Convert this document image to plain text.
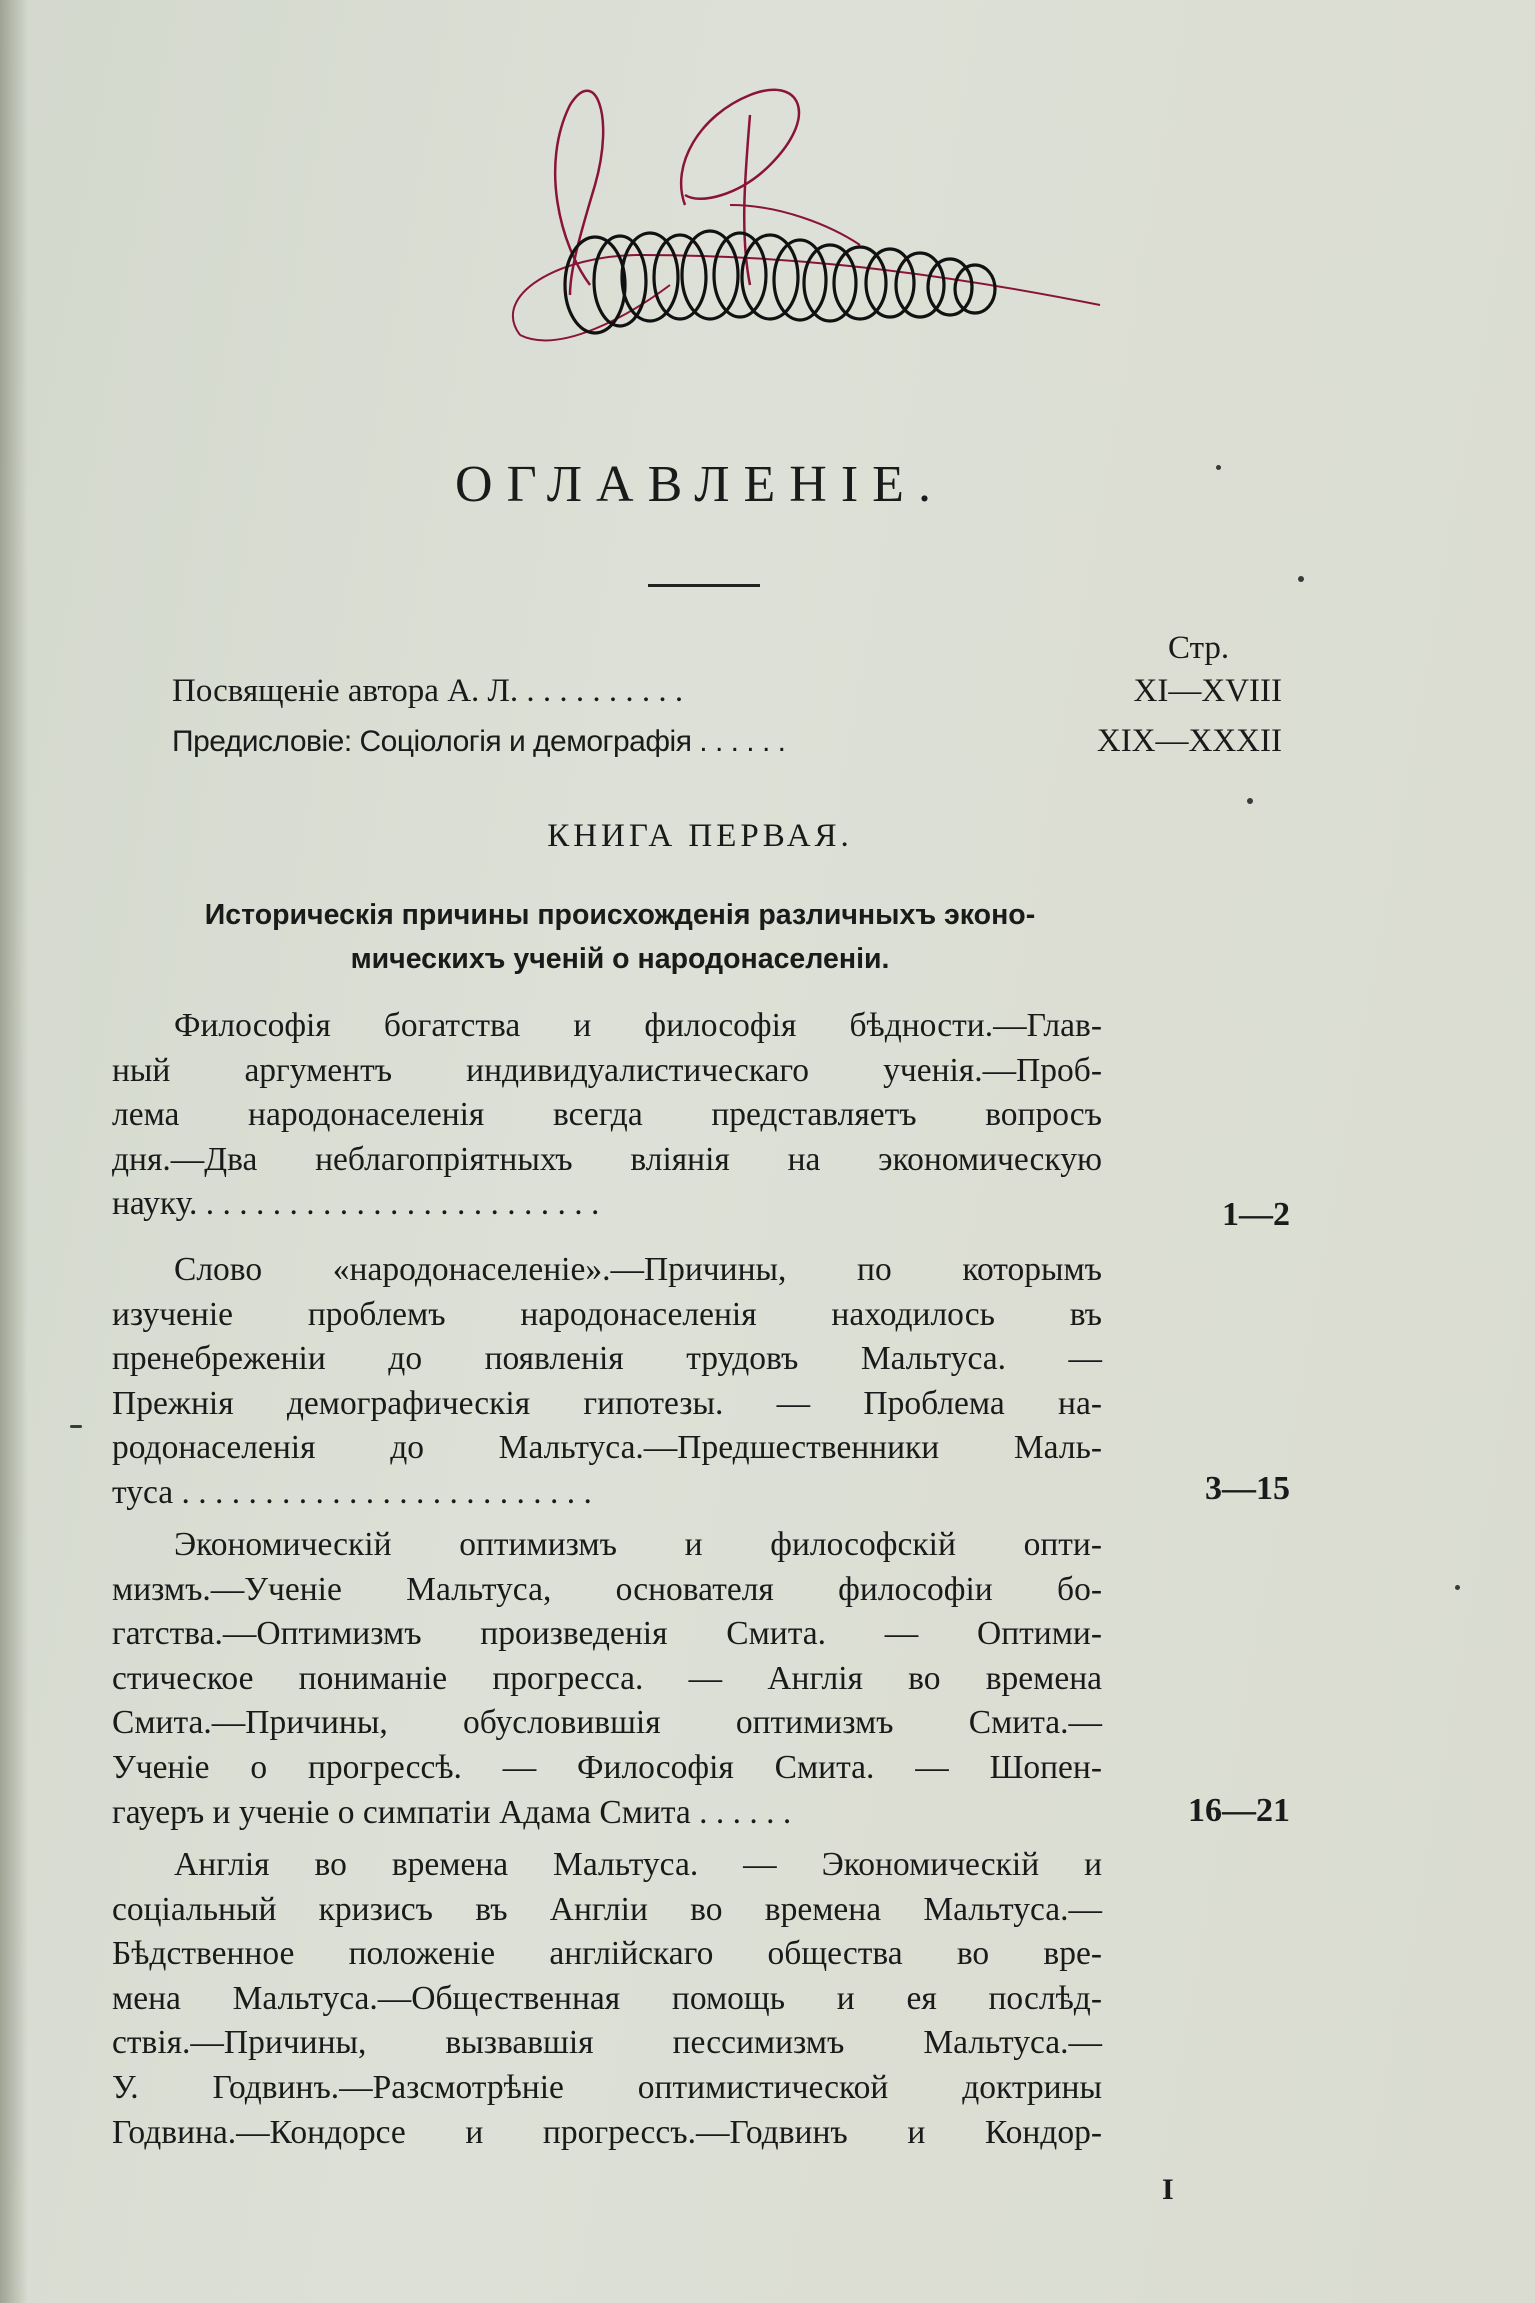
ОГЛАВЛЕНІЕ.
Стр.
Посвященіе автора А. Л. . . . . . . . . . .	XI—XVIII
Предисловіе: Соціологія и демографія . . . . . .	XIX—XXXII
КНИГА ПЕРВАЯ.
Историческія причины происхожденія различныхъ эконо-
мическихъ ученій о народонаселеніи.
Философія богатства и философія бѣдности.—Глав-
ный аргументъ индивидуалистическаго ученія.—Проб-
лема народонаселенія всегда представляетъ вопросъ
дня.—Два неблагопріятныхъ вліянія на экономическую
науку. . . . . . . . . . . . . . . . . . . . . . . . .	1—2
Слово «народонаселеніе».—Причины, по которымъ
изученіе проблемъ народонаселенія находилось въ
пренебреженіи до появленія трудовъ Мальтуса. —
Прежнія демографическія гипотезы. — Проблема на-
родонаселенія до Мальтуса.—Предшественники Маль-
туса . . . . . . . . . . . . . . . . . . . . . . . . .	3—15
Экономическій оптимизмъ и философскій опти-
мизмъ.—Ученіе Мальтуса, основателя философіи бо-
гатства.—Оптимизмъ произведенія Смита. — Оптими-
стическое пониманіе прогресса. — Англія во времена
Смита.—Причины, обусловившія оптимизмъ Смита.—
Ученіе о прогрессѣ. — Философія Смита. — Шопен-
гауеръ и ученіе о симпатіи Адама Смита . . . . . .	16—21
Англія во времена Мальтуса. — Экономическій и
соціальный кризисъ въ Англіи во времена Мальтуса.—
Бѣдственное положеніе англійскаго общества во вре-
мена Мальтуса.—Общественная помощь и ея послѣд-
ствія.—Причины, вызвавшія пессимизмъ Мальтуса.—
У. Годвинъ.—Разсмотрѣніе оптимистической доктрины
Годвина.—Кондорсе и прогрессъ.—Годвинъ и Кондор-
I
